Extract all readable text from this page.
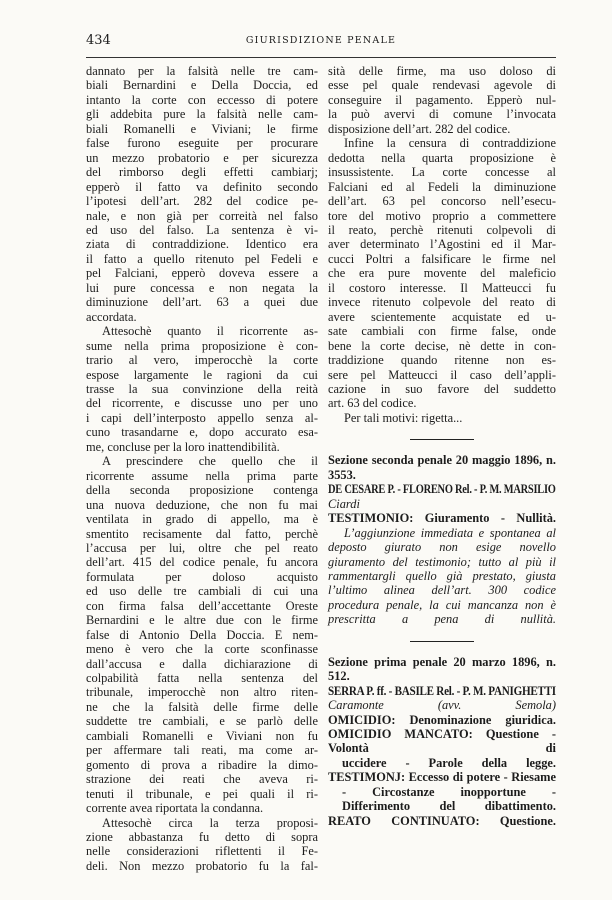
434	GIURISDIZIONE PENALE

dannato per la falsità nelle tre cam-

biali Bernardini e Della Doccia, ed

intanto la corte con eccesso di potere

gli addebita pure la falsità nelle cam-

biali Romanelli e Viviani; le firme

false furono eseguite per procurare

un mezzo probatorio e per sicurezza

del rimborso degli effetti cambiarj;

epperò il fatto va definito secondo

l’ipotesi dell’art. 282 del codice pe-

nale, e non già per correità nel falso

ed uso del falso. La sentenza è vi-

ziata di contraddizione. Identico era

il fatto a quello ritenuto pel Fedeli e

pel Falciani, epperò doveva essere a

lui pure concessa e non negata la

diminuzione dell’art. 63 a quei due

accordata.

Attesochè quanto il ricorrente as-

sume nella prima proposizione è con-

trario al vero, imperocchè la corte

espose largamente le ragioni da cui

trasse la sua convinzione della reità

del ricorrente, e discusse uno per uno

i capi dell’interposto appello senza al-

cuno trasandarne e, dopo accurato esa-

me, concluse per la loro inattendibilità.

A prescindere che quello che il

ricorrente assume nella prima parte

della seconda proposizione contenga

una nuova deduzione, che non fu mai

ventilata in grado di appello, ma è

smentito recisamente dal fatto, perchè

l’accusa per lui, oltre che pel reato

dell’art. 415 del codice penale, fu ancora

formulata per doloso acquisto

ed uso delle tre cambiali di cui una

con firma falsa dell’accettante Oreste

Bernardini e le altre due con le firme

false di Antonio Della Doccia. E nem-

meno è vero che la corte sconfinasse

dall’accusa e dalla dichiarazione di

colpabilità fatta nella sentenza del

tribunale, imperocchè non altro riten-

ne che la falsità delle firme delle

suddette tre cambiali, e se parlò delle

cambiali Romanelli e Viviani non fu

per affermare tali reati, ma come ar-

gomento di prova a ribadire la dimo-

strazione dei reati che aveva ri-

tenuti il tribunale, e pei quali il ri-

corrente avea riportata la condanna.

Attesochè circa la terza proposi-

zione abbastanza fu detto di sopra

nelle considerazioni riflettenti il Fe-

deli. Non mezzo probatorio fu la fal-

sità delle firme, ma uso doloso di

esse pel quale rendevasi agevole di

conseguire il pagamento. Epperò nul-

la può avervi di comune l’invocata

disposizione dell’art. 282 del codice.

Infine la censura di contraddizione

dedotta nella quarta proposizione è

insussistente. La corte concesse al

Falciani ed al Fedeli la diminuzione

dell’art. 63 pel concorso nell’esecu-

tore del motivo proprio a commettere

il reato, perchè ritenuti colpevoli di

aver determinato l’Agostini ed il Mar-

cucci Poltri a falsificare le firme nel

che era pure movente del maleficio

il costoro interesse. Il Matteucci fu

invece ritenuto colpevole del reato di

avere scientemente acquistate ed u-

sate cambiali con firme false, onde

bene la corte decise, nè dette in con-

traddizione quando ritenne non es-

sere pel Matteucci il caso dell’appli-

cazione in suo favore del suddetto

art. 63 del codice.

Per tali motivi: rigetta...

Sezione seconda penale 20 maggio 1896, n. 3553.

DE CESARE P. - FLORENO Rel. - P. M. MARSILIO

Ciardi

TESTIMONIO: Giuramento - Nullità.

L’aggiunzione immediata e spontanea al deposto giurato non esige novello giuramento del testimonio; tutto al più il rammentargli quello già prestato, giusta l’ultimo alinea dell’art. 300 codice procedura penale, la cui mancanza non è prescritta a pena di nullità.

Sezione prima penale 20 marzo 1896, n. 512.

SERRA P. ff. - BASILE Rel. - P. M. PANIGHETTI

Caramonte (avv. Semola)

OMICIDIO: Denominazione giuridica.

OMICIDIO MANCATO: Questione - Volontà di
uccidere - Parole della legge.

TESTIMONJ: Eccesso di potere - Riesame
- Circostanze inopportune - Differimento del dibattimento.

REATO CONTINUATO: Questione.
